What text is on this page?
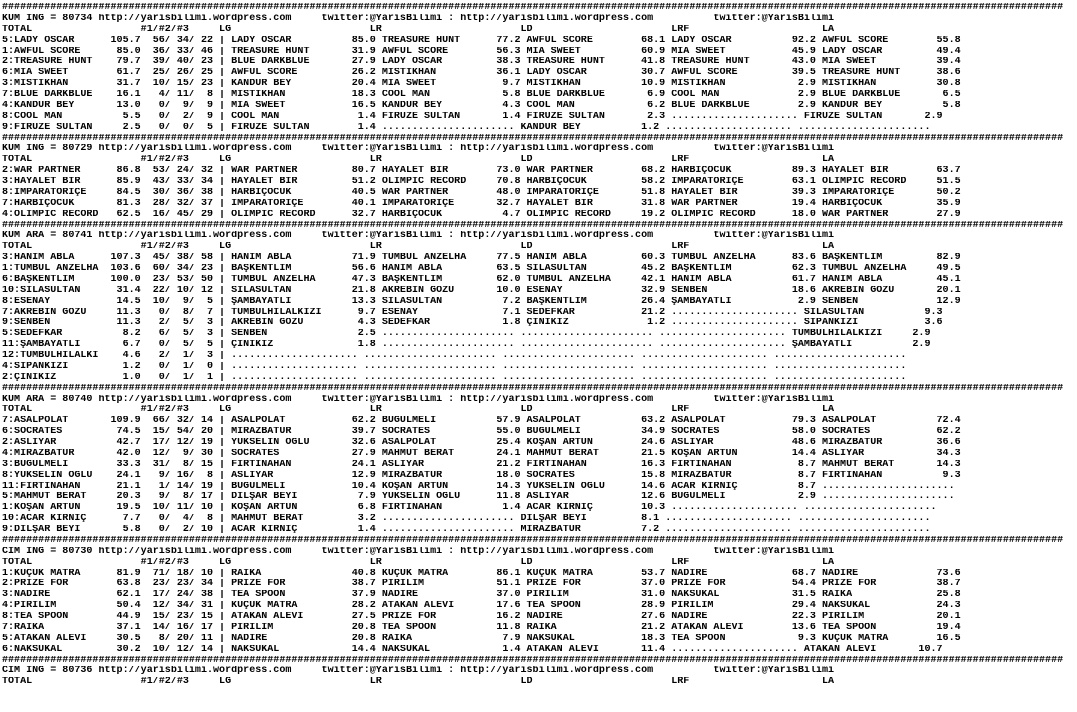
################################################################################################################################################################################
KUM ING = 80734 http://yarisbilimi.wordpress.com     twitter:@YarisBilimi : http://yarisbilimi.wordpress.com          twitter:@YarisBilimi
TOTAL                  #1/#2/#3     LG                       LR                       LD                       LRF                      LA
5:LADY OSCAR      105.7  56/ 34/ 22 | LADY OSCAR          85.0 TREASURE HUNT      77.2 AWFUL SCORE        68.1 LADY OSCAR          92.2 AWFUL SCORE        55.8
1:AWFUL SCORE      85.0  36/ 33/ 46 | TREASURE HUNT       31.9 AWFUL SCORE        56.3 MIA SWEET          60.9 MIA SWEET           45.9 LADY OSCAR         49.4
2:TREASURE HUNT    79.7  39/ 40/ 23 | BLUE DARKBLUE       27.9 LADY OSCAR         38.3 TREASURE HUNT      41.8 TREASURE HUNT       43.0 MIA SWEET          39.4
6:MIA SWEET        61.7  25/ 26/ 25 | AWFUL SCORE         26.2 MISTIKHAN          36.1 LADY OSCAR         30.7 AWFUL SCORE         39.5 TREASURE HUNT      38.6
3:MISTIKHAN        31.7  10/ 15/ 23 | KANDUR BEY          20.4 MIA SWEET           9.7 MISTIKHAN          10.9 MISTIKHAN            2.9 MISTIKHAN          30.8
7:BLUE DARKBLUE    16.1   4/ 11/  8 | MISTIKHAN           18.3 COOL MAN            5.8 BLUE DARKBLUE       6.9 COOL MAN             2.9 BLUE DARKBLUE       6.5
4:KANDUR BEY       13.0   0/  9/  9 | MIA SWEET           16.5 KANDUR BEY          4.3 COOL MAN            6.2 BLUE DARKBLUE        2.9 KANDUR BEY          5.8
8:COOL MAN          5.5   0/  2/  9 | COOL MAN             1.4 FIRUZE SULTAN       1.4 FIRUZE SULTAN       2.3 ..................... FIRUZE SULTAN       2.9
9:FIRUZE SULTAN     2.5   0/  0/  5 | FIRUZE SULTAN        1.4 ...................... KANDUR BEY          1.2 ..................... ......................
################################################################################################################################################################################
KUM ING = 80729 http://yarisbilimi.wordpress.com     twitter:@YarisBilimi : http://yarisbilimi.wordpress.com          twitter:@YarisBilimi
TOTAL                  #1/#2/#3     LG                       LR                       LD                       LRF                      LA
2:WAR PARTNER      86.8  53/ 24/ 32 | WAR PARTNER         80.7 HAYALET BİR        73.0 WAR PARTNER        68.2 HARBİÇOCUK          89.3 HAYALET BİR        63.7
3:HAYALET BİR      85.9  43/ 33/ 34 | HAYALET BİR         51.2 OLIMPIC RECORD     70.8 HARBİÇOCUK         58.2 İMPARATORİÇE        63.1 OLIMPIC RECORD     51.5
8:İMPARATORİÇE     84.5  30/ 36/ 38 | HARBİÇOCUK          40.5 WAR PARTNER        48.0 İMPARATORİÇE       51.8 HAYALET BİR         39.3 İMPARATORİÇE       50.2
7:HARBİÇOCUK       81.3  28/ 32/ 37 | İMPARATORİÇE        40.1 İMPARATORİÇE       32.7 HAYALET BİR        31.8 WAR PARTNER         19.4 HARBİÇOCUK         35.9
4:OLIMPIC RECORD   62.5  16/ 45/ 29 | OLIMPIC RECORD      32.7 HARBİÇOCUK          4.7 OLIMPIC RECORD     19.2 OLIMPIC RECORD      18.0 WAR PARTNER        27.9
################################################################################################################################################################################
KUM ARA = 80741 http://yarisbilimi.wordpress.com     twitter:@YarisBilimi : http://yarisbilimi.wordpress.com          twitter:@YarisBilimi
TOTAL                  #1/#2/#3     LG                       LR                       LD                       LRF                      LA
3:HANIM ABLA      107.3  45/ 38/ 58 | HANIM ABLA          71.9 TUMBUL ANZELHA     77.5 HANIM ABLA         60.3 TUMBUL ANZELHA      83.6 BAŞKENTLİM         82.9
1:TUMBUL ANZELHA  103.6  60/ 34/ 23 | BAŞKENTLİM          56.6 HANIM ABLA         63.5 SILASULTAN         45.2 BAŞKENTLİM          62.3 TUMBUL ANZELHA     49.5
6:BAŞKENTLİM      100.0  23/ 53/ 50 | TUMBUL ANZELHA      47.3 BAŞKENTLİM         62.0 TUMBUL ANZELHA     42.1 HANIM ABLA          61.7 HANIM ABLA         45.1
10:SILASULTAN      31.4  22/ 10/ 12 | SILASULTAN          21.8 AKREBİN GÖZÜ       10.0 ESENAY             32.9 SENBEN              18.6 AKREBİN GÖZÜ       20.1
8:ESENAY           14.5  10/  9/  5 | ŞAMBAYATLI          13.3 SILASULTAN          7.2 BAŞKENTLİM         26.4 ŞAMBAYATLI           2.9 SENBEN             12.9
7:AKREBİN GÖZÜ     11.3   0/  8/  7 | TUMBULHILALKIZI      9.7 ESENAY              7.1 SEDEFKAR           21.2 ..................... SILASULTAN          9.3
9:SENBEN           11.3   2/  5/  3 | AKREBİN GÖZÜ         4.3 SEDEFKAR            1.8 ÇINIKIZ             1.2 ..................... SİPANKIZI           3.6
5:SEDEFKAR          8.2   6/  5/  3 | SENBEN               2.5 ...................... ...................... ..................... TUMBULHILALKIZI     2.9
11:ŞAMBAYATLI       6.7   0/  5/  5 | ÇINIKIZ              1.8 ...................... ...................... ..................... ŞAMBAYATLI          2.9
12:TUMBULHILALKI    4.6   2/  1/  3 | ..................... ...................... ...................... ..................... ......................
4:SİPANKIZI         1.2   0/  1/  0 | ..................... ...................... ...................... ..................... ......................
2:ÇINIKIZ           1.0   0/  1/  1 | ..................... ...................... ...................... ..................... ......................
################################################################################################################################################################################
KUM ARA = 80740 http://yarisbilimi.wordpress.com     twitter:@YarisBilimi : http://yarisbilimi.wordpress.com          twitter:@YarisBilimi
TOTAL                  #1/#2/#3     LG                       LR                       LD                       LRF                      LA
7:ASALPOLAT       109.9  66/ 32/ 14 | ASALPOLAT           62.2 BÜĞÜLMELİ          57.9 ASALPOLAT          63.2 ASALPOLAT           79.3 ASALPOLAT          72.4
6:SOCRATES         74.5  15/ 54/ 20 | MIRAZBATUR          39.7 SOCRATES           55.0 BÜĞÜLMELİ          34.9 SOCRATES            58.0 SOCRATES           62.2
2:ASLIYAR          42.7  17/ 12/ 19 | YÜKSELİN OĞLU       32.6 ASALPOLAT          25.4 KOŞAN ARTUN        24.6 ASLIYAR             48.6 MIRAZBATUR         36.6
4:MIRAZBATUR       42.0  12/  9/ 30 | SOCRATES            27.9 MAHMUT BERAT       24.1 MAHMUT BERAT       21.5 KOŞAN ARTUN         14.4 ASLIYAR            34.3
3:BÜĞÜLMELİ        33.3  31/  8/ 15 | FIRTINAHAN          24.1 ASLIYAR            21.2 FIRTINAHAN         16.3 FIRTINAHAN           8.7 MAHMUT BERAT       14.3
8:YÜKSELİN OĞLU    24.1   9/ 16/  8 | ASLIYAR             12.9 MIRAZBATUR         18.0 SOCRATES           15.8 MIRAZBATUR           8.7 FIRTINAHAN          9.3
11:FIRTINAHAN      21.1   1/ 14/ 19 | BÜĞÜLMELİ           10.4 KOŞAN ARTUN        14.3 YÜKSELİN OĞLU      14.6 ACAR KIRNIÇ          8.7 ......................
5:MAHMUT BERAT     20.3   9/  8/ 17 | DİLŞAR BEYİ          7.9 YÜKSELİN OĞLU      11.8 ASLIYAR            12.6 BÜĞÜLMELİ            2.9 ......................
1:KOŞAN ARTUN      19.5  10/ 11/ 10 | KOŞAN ARTUN          6.8 FIRTINAHAN          1.4 ACAR KIRNIÇ        10.3 ..................... ......................
10:ACAR KIRNIÇ      7.7   0/  4/  8 | MAHMUT BERAT         3.2 ...................... DİLŞAR BEYİ         8.1 ..................... ......................
9:DİLŞAR BEYİ       5.8   0/  2/ 10 | ACAR KIRNIÇ          1.4 ...................... MIRAZBATUR          7.2 ..................... ......................
################################################################################################################################################################################
CIM ING = 80730 http://yarisbilimi.wordpress.com     twitter:@YarisBilimi : http://yarisbilimi.wordpress.com          twitter:@YarisBilimi
TOTAL                  #1/#2/#3     LG                       LR                       LD                       LRF                      LA
1:KÜÇÜK MATRA      81.9  71/ 18/ 10 | RAIKA               40.8 KÜÇÜK MATRA        86.1 KÜÇÜK MATRA        53.7 NADİRE              68.7 NADİRE             73.6
2:PRİZE FOR        63.8  23/ 23/ 34 | PRIZE FOR           38.7 PIRILIM            51.1 PRİZE FOR          37.0 PRİZE FOR           54.4 PRİZE FOR          38.7
3:NADİRE           62.1  17/ 24/ 38 | TEA SPOON           37.9 NADİRE             37.0 PIRILIM            31.0 NAKSUKAL            31.5 RAIKA              25.8
4:PIRILIM          50.4  12/ 34/ 31 | KÜÇÜK MATRA         28.2 ATAKAN ALEVİ       17.6 TEA SPOON          28.9 PIRILIM             29.4 NAKSUKAL           24.3
8:TEA SPOON        44.9  15/ 23/ 15 | ATAKAN ALEVİ        27.5 PRİZE FOR          16.2 NADİRE             27.6 NADİRE              22.3 PIRILIM            20.1
7:RAIKA            37.1  14/ 16/ 17 | PIRILIM             20.8 TEA SPOON          11.8 RAIKA              21.2 ATAKAN ALEVİ        13.6 TEA SPOON          19.4
5:ATAKAN ALEVİ     30.5   8/ 20/ 11 | NADİRE              20.8 RAIKA               7.9 NAKSUKAL           18.3 TEA SPOON            9.3 KÜÇÜK MATRA        16.5
6:NAKSUKAL         30.2  10/ 12/ 14 | NAKSUKAL            14.4 NAKSUKAL            1.4 ATAKAN ALEVİ       11.4 ..................... ATAKAN ALEVİ       10.7
################################################################################################################################################################################
CIM ING = 80736 http://yarisbilimi.wordpress.com     twitter:@YarisBilimi : http://yarisbilimi.wordpress.com          twitter:@YarisBilimi
TOTAL                  #1/#2/#3     LG                       LR                       LD                       LRF                      LA
